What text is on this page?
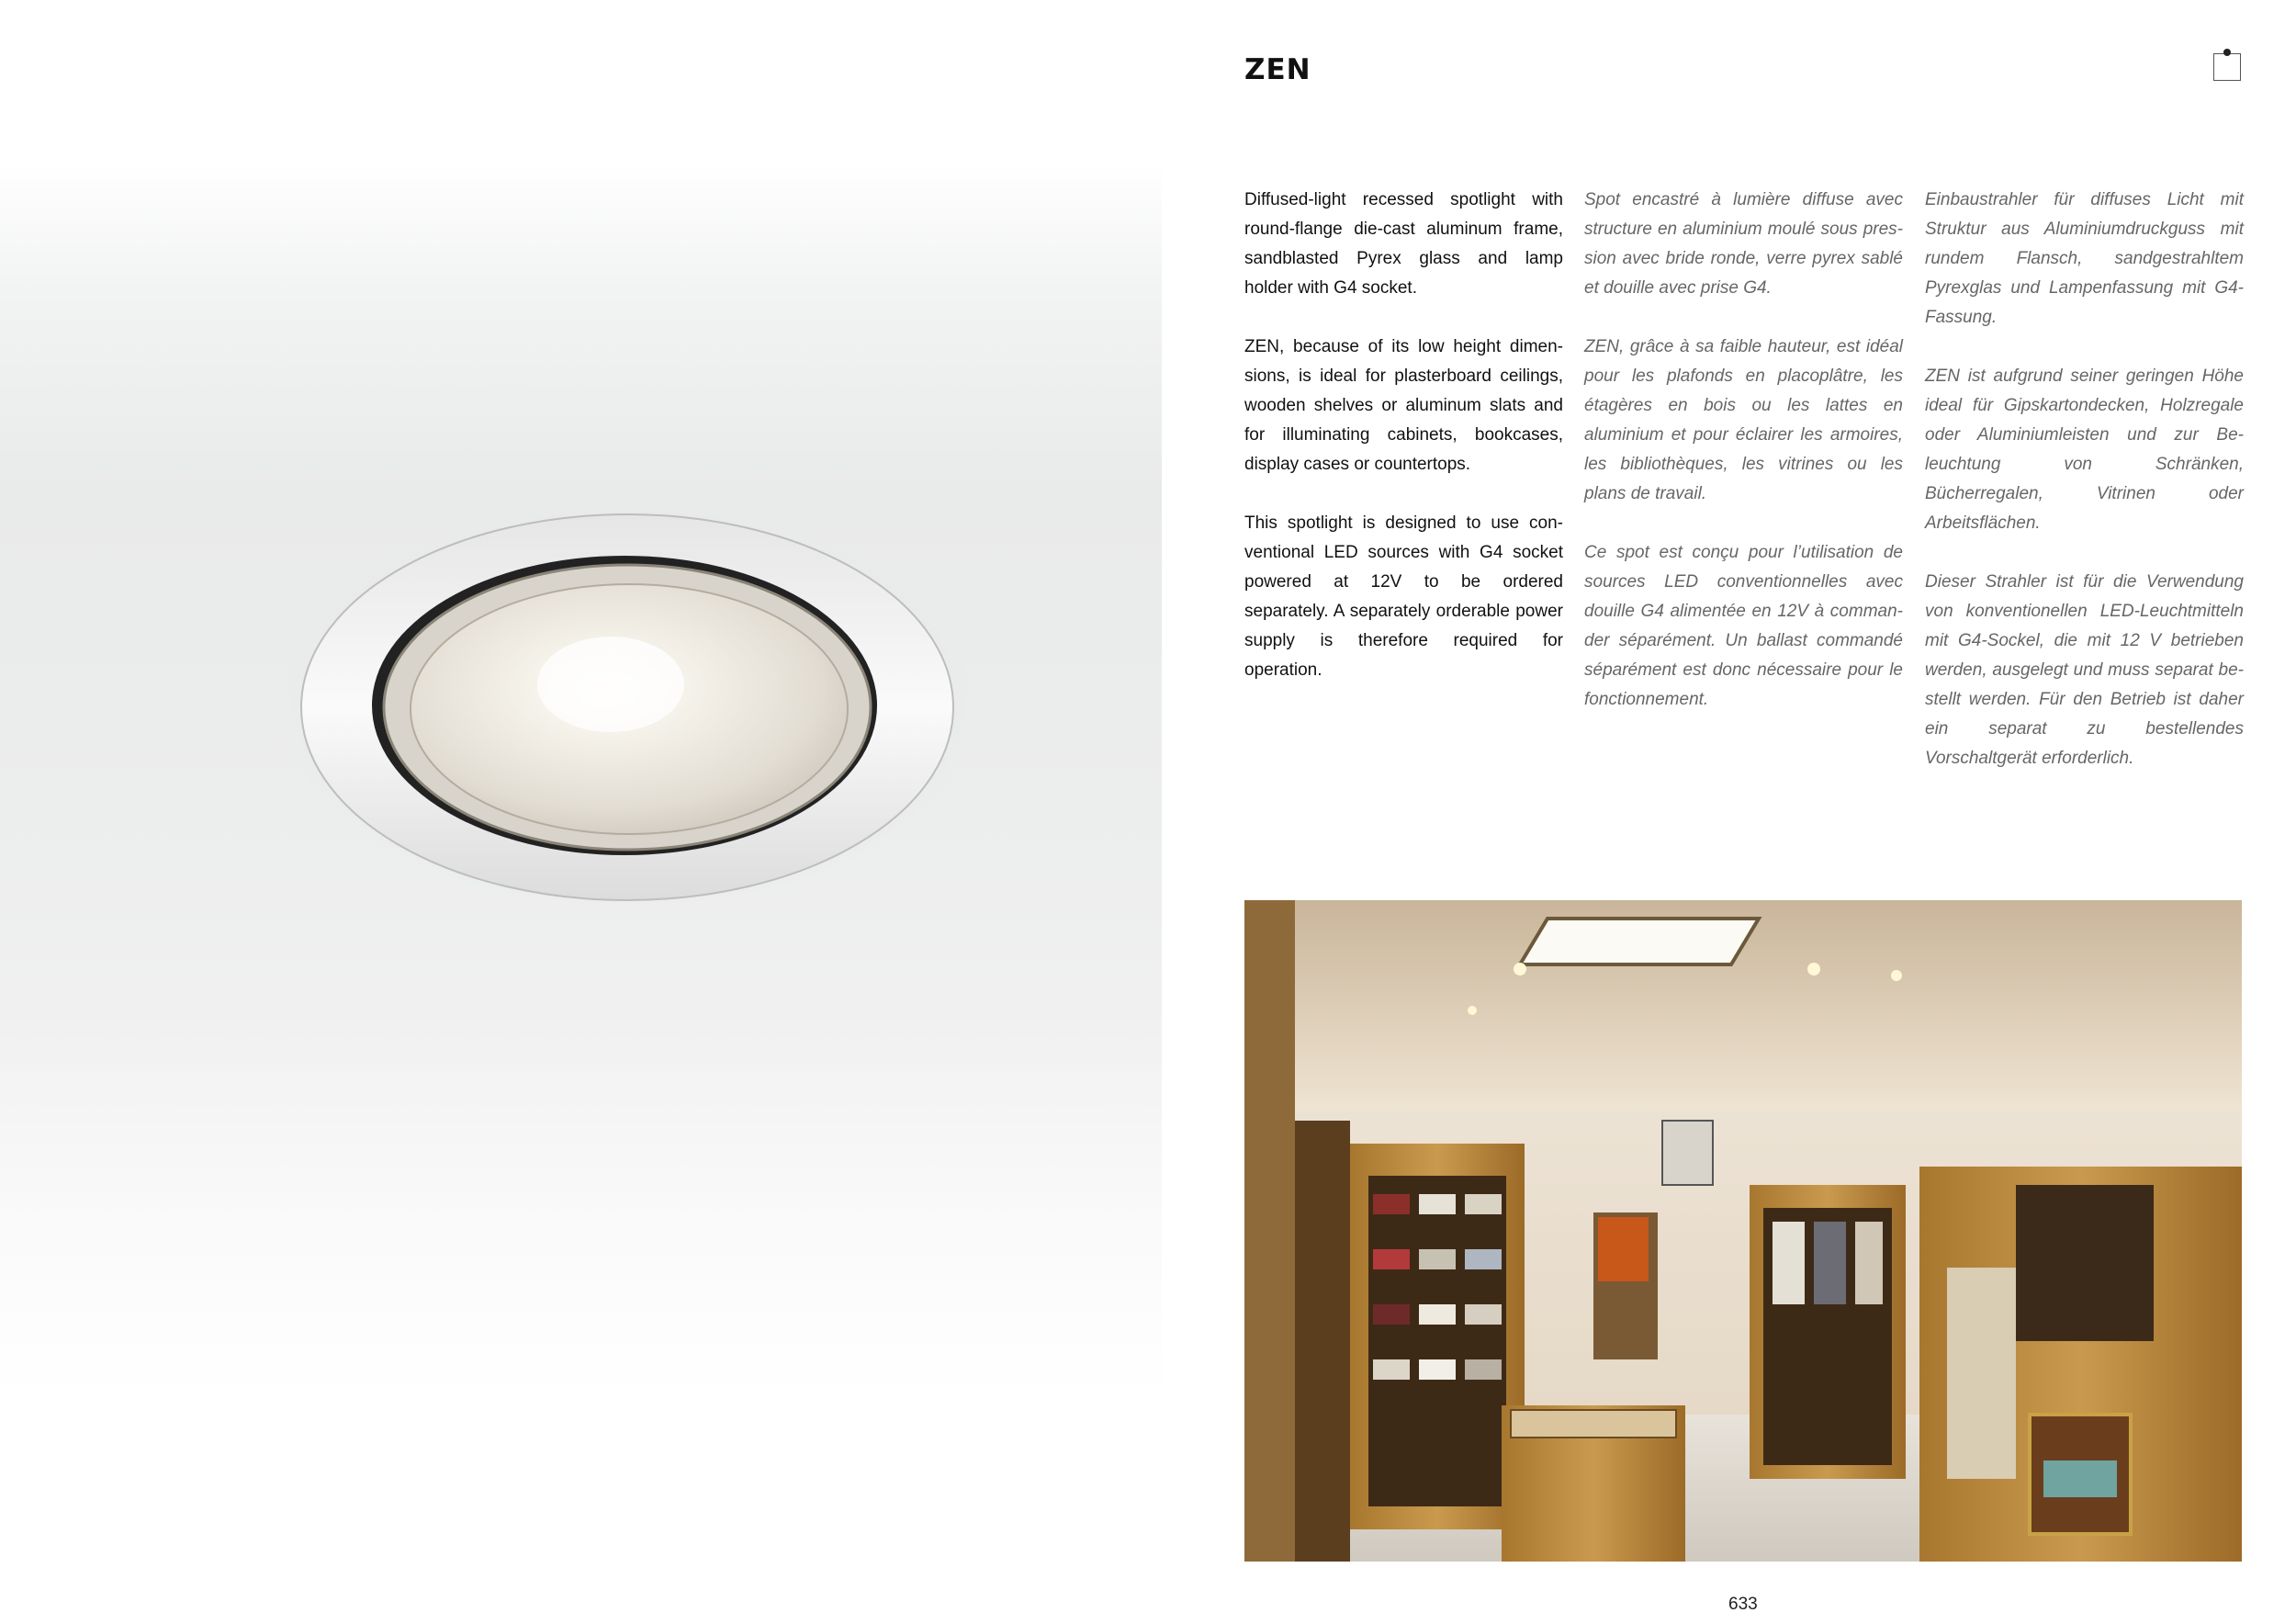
ZEN

Diffused-light recessed spotlight with round-flange die-cast aluminum frame, sandblasted Pyrex glass and lamp holder with G4 socket.

ZEN, because of its low height dimensions, is ideal for plasterboard ceilings, wooden shelves or aluminum slats and for illuminating cabinets, bookcases, display cases or countertops.

This spotlight is designed to use conventional LED sources with G4 socket powered at 12V to be ordered separately. A separately orderable power supply is therefore required for operation.

Spot encastré à lumière diffuse avec structure en aluminium moulé sous pression avec bride ronde, verre pyrex sablé et douille avec prise G4.

ZEN, grâce à sa faible hauteur, est idéal pour les plafonds en placoplâtre, les étagères en bois ou les lattes en aluminium et pour éclairer les armoires, les bibliothèques, les vitrines ou les plans de travail.

Ce spot est conçu pour l’utilisation de sources LED conventionnelles avec douille G4 alimentée en 12V à commander séparément. Un ballast commandé séparément est donc nécessaire pour le fonctionnement.

Einbaustrahler für diffuses Licht mit Struktur aus Aluminiumdruckguss mit rundem Flansch, sandgestrahltem Pyrexglas und Lampenfassung mit G4-Fassung.

ZEN ist aufgrund seiner geringen Höhe ideal für Gipskartondecken, Holzregale oder Aluminiumleisten und zur Beleuchtung von Schränken, Bücherregalen, Vitrinen oder Arbeitsflächen.

Dieser Strahler ist für die Verwendung von konventionellen LED-Leuchtmitteln mit G4-Sockel, die mit 12 V betrieben werden, ausgelegt und muss separat bestellt werden. Für den Betrieb ist daher ein separat zu bestellendes Vorschaltgerät erforderlich.

633
